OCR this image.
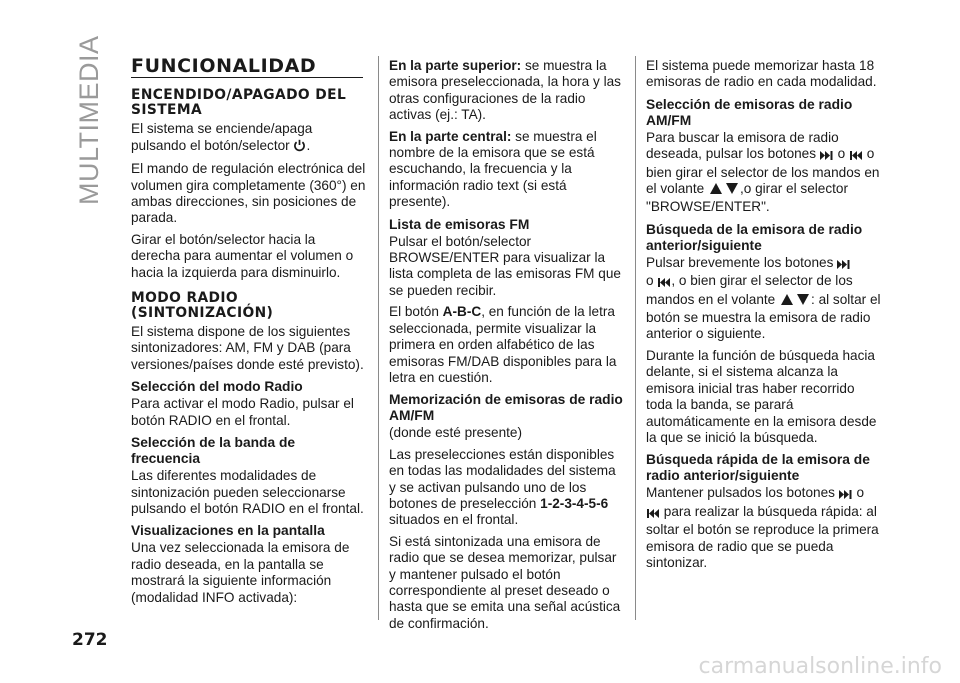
MULTIMEDIA
272
carmanualsonline.info
FUNCIONALIDAD
ENCENDIDO/APAGADO DEL SISTEMA

El sistema se enciende/apaga pulsando el botón/selector .

El mando de regulación electrónica del volumen gira completamente (360°) en ambas direcciones, sin posiciones de parada.

Girar el botón/selector hacia la derecha para aumentar el volumen o hacia la izquierda para disminuirlo.

MODO RADIO (SINTONIZACIÓN)

El sistema dispone de los siguientes sintonizadores: AM, FM y DAB (para versiones/países donde esté previsto).

Selección del modo Radio

Para activar el modo Radio, pulsar el botón RADIO en el frontal.

Selección de la banda de frecuencia

Las diferentes modalidades de sintonización pueden seleccionarse pulsando el botón RADIO en el frontal.

Visualizaciones en la pantalla

Una vez seleccionada la emisora de radio deseada, en la pantalla se mostrará la siguiente información (modalidad INFO activada):

En la parte superior: se muestra la emisora preseleccionada, la hora y las otras configuraciones de la radio activas (ej.: TA).

En la parte central: se muestra el nombre de la emisora que se está escuchando, la frecuencia y la información radio text (si está presente).

Lista de emisoras FM

Pulsar el botón/selector BROWSE/ENTER para visualizar la lista completa de las emisoras FM que se pueden recibir.

El botón A-B-C, en función de la letra seleccionada, permite visualizar la primera en orden alfabético de las emisoras FM/DAB disponibles para la letra en cuestión.

Memorización de emisoras de radio AM/FM

(donde esté presente)

Las preselecciones están disponibles en todas las modalidades del sistema y se activan pulsando uno de los botones de preselección 1-2-3-4-5-6 situados en el frontal.

Si está sintonizada una emisora de radio que se desea memorizar, pulsar y mantener pulsado el botón correspondiente al preset deseado o hasta que se emita una señal acústica de confirmación.

El sistema puede memorizar hasta 18 emisoras de radio en cada modalidad.

Selección de emisoras de radio AM/FM

Para buscar la emisora de radio deseada, pulsar los botones  o  o bien girar el selector de los mandos en el volante ,o girar el selector "BROWSE/ENTER".

Búsqueda de la emisora de radio anterior/siguiente

Pulsar brevemente los botones
o , o bien girar el selector de los mandos en el volante : al soltar el botón se muestra la emisora de radio anterior o siguiente.

Durante la función de búsqueda hacia delante, si el sistema alcanza la emisora inicial tras haber recorrido toda la banda, se parará automáticamente en la emisora desde la que se inició la búsqueda.

Búsqueda rápida de la emisora de radio anterior/siguiente

Mantener pulsados los botones  o
para realizar la búsqueda rápida: al soltar el botón se reproduce la primera emisora de radio que se pueda sintonizar.
